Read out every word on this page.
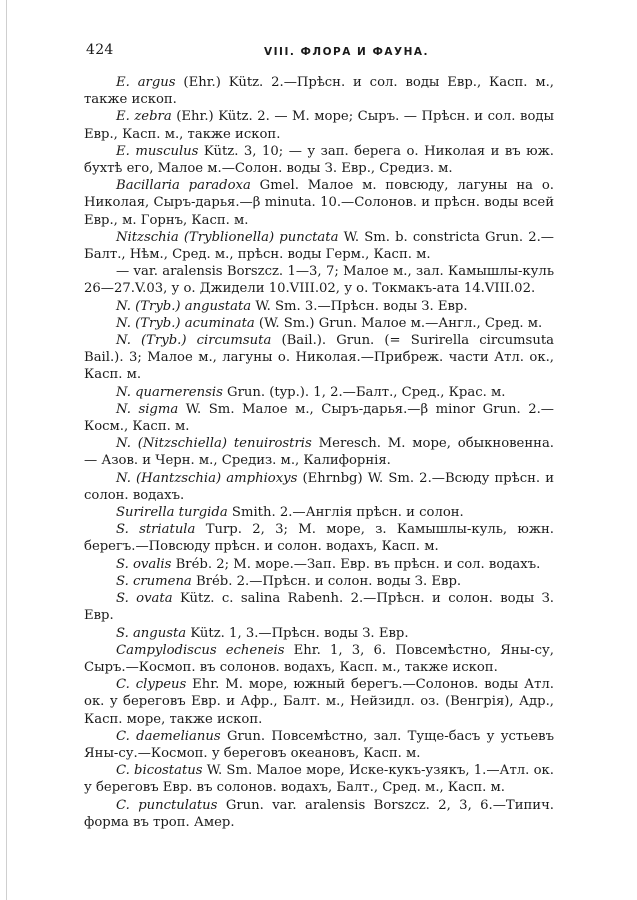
424	VIII. ФЛОРА И ФАУНА.

E. argus (Ehr.) Kütz. 2.—Прѣсн. и сол. воды Евр., Касп. м., также ископ.

E. zebra (Ehr.) Kütz. 2. — М. море; Сыръ. — Прѣсн. и сол. воды Евр., Касп. м., также ископ.

E. musculus Kütz. 3, 10; — у зап. берега о. Николая и въ юж. бухтѣ его, Малое м.—Солон. воды З. Евр., Средиз. м.

Bacillaria paradoxa Gmel. Малое м. повсюду, лагуны на о. Николая, Сыръ-дарья.—β minuta. 10.—Солонов. и прѣсн. воды всей Евр., м. Горнъ, Касп. м.

Nitzschia (Tryblionella) punctata W. Sm. b. constricta Grun. 2.—Балт., Нѣм., Сред. м., прѣсн. воды Герм., Касп. м.

— var. aralensis Borszcz. 1—3, 7; Малое м., зал. Камышлы-куль 26—27.V.03, у о. Джидели 10.VIII.02, у о. Токмакъ-ата 14.VIII.02.

N. (Tryb.) angustata W. Sm. 3.—Прѣсн. воды З. Евр.

N. (Tryb.) acuminata (W. Sm.) Grun. Малое м.—Англ., Сред. м.

N. (Tryb.) circumsuta (Bail.). Grun. (= Surirella circumsuta Bail.). 3; Малое м., лагуны о. Николая.—Прибреж. части Атл. ок., Касп. м.

N. quarnerensis Grun. (typ.). 1, 2.—Балт., Сред., Крас. м.

N. sigma W. Sm. Малое м., Сыръ-дарья.—β minor Grun. 2.—Косм., Касп. м.

N. (Nitzschiella) tenuirostris Meresch. М. море, обыкновенна. — Азов. и Черн. м., Средиз. м., Калифорнія.

N. (Hantzschia) amphioxys (Ehrnbg) W. Sm. 2.—Всюду прѣсн. и солон. водахъ.

Surirella turgida Smith. 2.—Англія прѣсн. и солон.

S. striatula Turp. 2, 3; М. море, з. Камышлы-куль, южн. берегъ.—Повсюду прѣсн. и солон. водахъ, Касп. м.

S. ovalis Bréb. 2; М. море.—Зап. Евр. въ прѣсн. и сол. водахъ.

S. crumena Bréb. 2.—Прѣсн. и солон. воды З. Евр.

S. ovata Kütz. c. salina Rabenh. 2.—Прѣсн. и солон. воды З. Евр.

S. angusta Kütz. 1, 3.—Прѣсн. воды З. Евр.

Campylodiscus echeneis Ehr. 1, 3, 6. Повсемѣстно, Яны-су, Сыръ.—Космоп. въ солонов. водахъ, Касп. м., также ископ.

C. clypeus Ehr. М. море, южный берегъ.—Солонов. воды Атл. ок. у береговъ Евр. и Афр., Балт. м., Нейзидл. оз. (Венгрія), Адр., Касп. море, также ископ.

C. daemelianus Grun. Повсемѣстно, зал. Туще-басъ у устьевъ Яны-су.—Космоп. у береговъ океановъ, Касп. м.

C. bicostatus W. Sm. Малое море, Иске-кукъ-узякъ, 1.—Атл. ок. у береговъ Евр. въ солонов. водахъ, Балт., Сред. м., Касп. м.

C. punctulatus Grun. var. aralensis Borszcz. 2, 3, 6.—Типич. форма въ троп. Амер.
